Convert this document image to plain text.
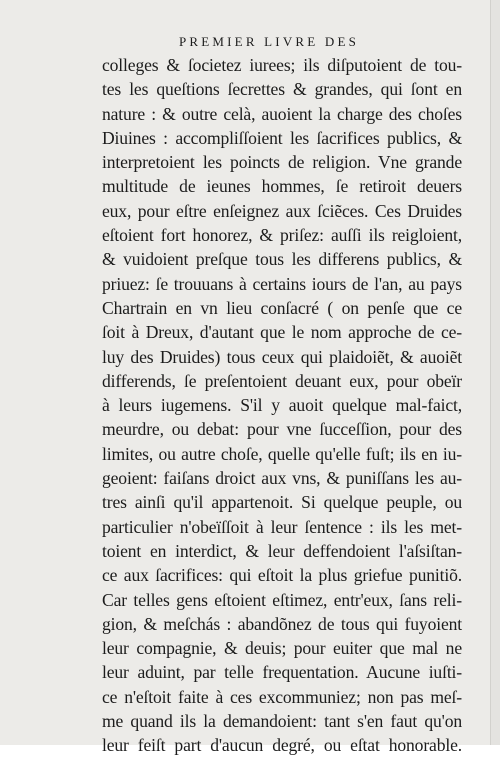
PREMIER LIVRE DES
colleges & ſocietez iurees; ils diſputoient de tou-
tes les queſtions ſecrettes & grandes, qui ſont en
nature : & outre celà, auoient la charge des choſes
Diuines : accompliſſoient les ſacrifices publics, &
interpretoient les poincts de religion. Vne grande
multitude de ieunes hommes, ſe retiroit deuers
eux, pour eſtre enſeignez aux ſciẽces. Ces Druides
eſtoient fort honorez, & priſez: auſſi ils reigloient,
& vuidoient preſque tous les differens publics, &
priuez: ſe trouuans à certains iours de l'an, au pays
Chartrain en vn lieu conſacré ( on penſe que ce
ſoit à Dreux, d'autant que le nom approche de ce-
luy des Druides) tous ceux qui plaidoiẽt, & auoiẽt
differends, ſe preſentoient deuant eux, pour obeïr
à leurs iugemens. S'il y auoit quelque mal-faict,
meurdre, ou debat: pour vne ſucceſſion, pour des
limites, ou autre choſe, quelle qu'elle fuſt; ils en iu-
geoient: faiſans droict aux vns, & puniſſans les au-
tres ainſi qu'il appartenoit. Si quelque peuple, ou
particulier n'obeïſſoit à leur ſentence : ils les met-
toient en interdict, & leur deffendoient l'aſsiſtan-
ce aux ſacrifices: qui eſtoit la plus griefue punitiõ.
Car telles gens eſtoient eſtimez, entr'eux, ſans reli-
gion, & meſchás : abandõnez de tous qui fuyoient
leur compagnie, & deuis; pour euiter que mal ne
leur aduint, par telle frequentation. Aucune iuſti-
ce n'eſtoit faite à ces excommuniez; non pas meſ-
me quand ils la demandoient: tant s'en faut qu'on
leur feiſt part d'aucun degré, ou eſtat honorable.
